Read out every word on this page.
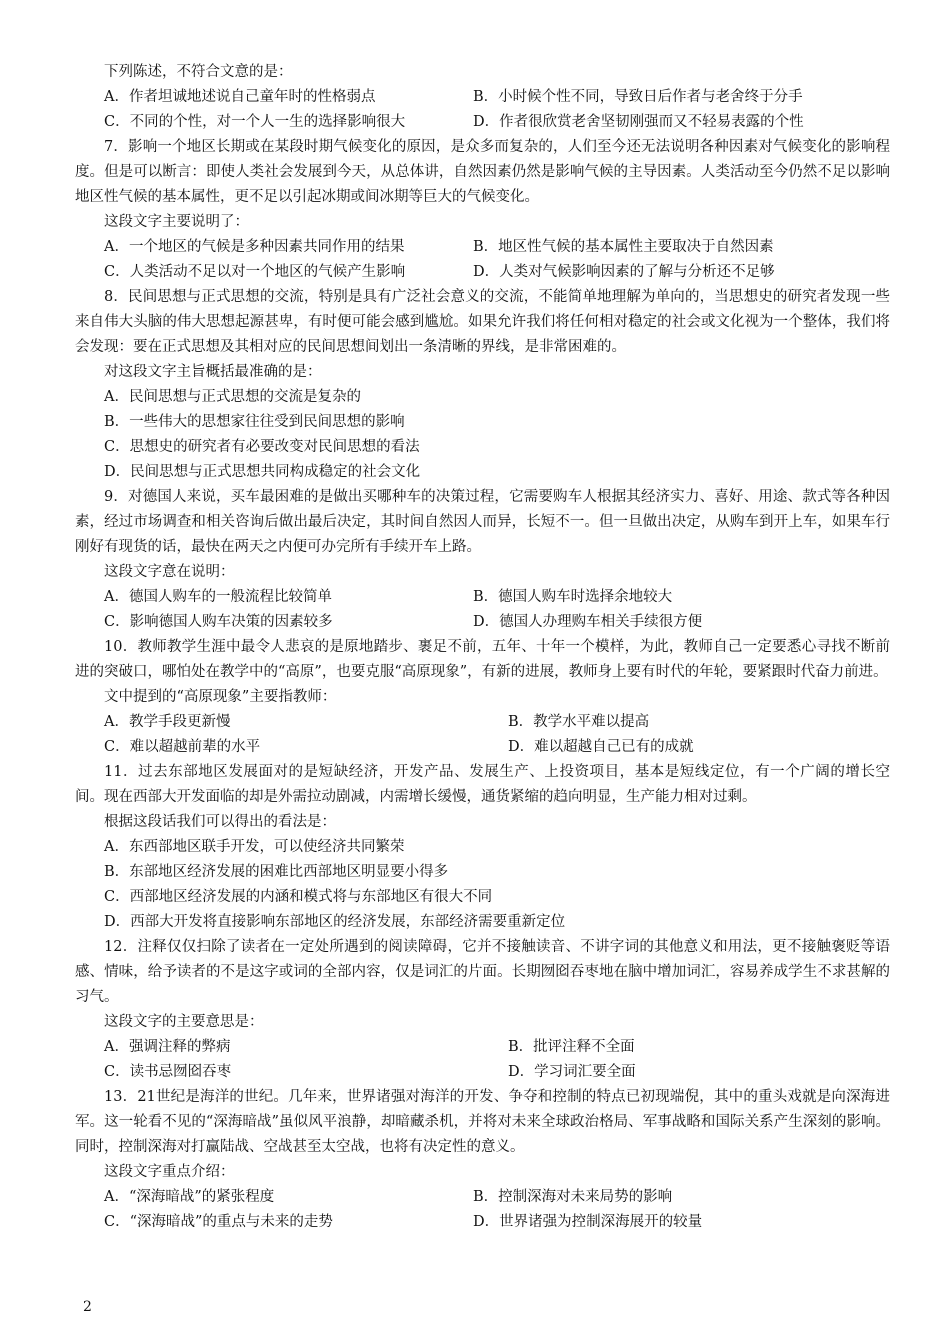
下列陈述，不符合文意的是：
A．作者坦诚地述说自己童年时的性格弱点	B．小时候个性不同，导致日后作者与老舍终于分手
C．不同的个性，对一个人一生的选择影响很大	D．作者很欣赏老舍坚韧刚强而又不轻易表露的个性
7．影响一个地区长期或在某段时期气候变化的原因，是众多而复杂的，人们至今还无法说明各种因素对气候变化的影响程度。但是可以断言：即使人类社会发展到今天，从总体讲，自然因素仍然是影响气候的主导因素。人类活动至今仍然不足以影响地区性气候的基本属性，更不足以引起冰期或间冰期等巨大的气候变化。
这段文字主要说明了：
A．一个地区的气候是多种因素共同作用的结果	B．地区性气候的基本属性主要取决于自然因素
C．人类活动不足以对一个地区的气候产生影响	D．人类对气候影响因素的了解与分析还不足够
8．民间思想与正式思想的交流，特别是具有广泛社会意义的交流，不能简单地理解为单向的，当思想史的研究者发现一些来自伟大头脑的伟大思想起源甚卑，有时便可能会感到尴尬。如果允许我们将任何相对稳定的社会或文化视为一个整体，我们将会发现：要在正式思想及其相对应的民间思想间划出一条清晰的界线，是非常困难的。
对这段文字主旨概括最准确的是：
A．民间思想与正式思想的交流是复杂的
B．一些伟大的思想家往往受到民间思想的影响
C．思想史的研究者有必要改变对民间思想的看法
D．民间思想与正式思想共同构成稳定的社会文化
9．对德国人来说，买车最困难的是做出买哪种车的决策过程，它需要购车人根据其经济实力、喜好、用途、款式等各种因素，经过市场调查和相关咨询后做出最后决定，其时间自然因人而异，长短不一。但一旦做出决定，从购车到开上车，如果车行刚好有现货的话，最快在两天之内便可办完所有手续开车上路。
这段文字意在说明：
A．德国人购车的一般流程比较简单	B．德国人购车时选择余地较大
C．影响德国人购车决策的因素较多	D．德国人办理购车相关手续很方便
10．教师教学生涯中最令人悲哀的是原地踏步、裹足不前，五年、十年一个模样，为此，教师自己一定要悉心寻找不断前进的突破口，哪怕处在教学中的“高原”，也要克服“高原现象”，有新的进展，教师身上要有时代的年轮，要紧跟时代奋力前进。
文中提到的“高原现象”主要指教师：
A．教学手段更新慢	B．教学水平难以提高
C．难以超越前辈的水平	D．难以超越自己已有的成就
11．过去东部地区发展面对的是短缺经济，开发产品、发展生产、上投资项目，基本是短线定位，有一个广阔的增长空间。现在西部大开发面临的却是外需拉动剧减，内需增长缓慢，通货紧缩的趋向明显，生产能力相对过剩。
根据这段话我们可以得出的看法是：
A．东西部地区联手开发，可以使经济共同繁荣
B．东部地区经济发展的困难比西部地区明显要小得多
C．西部地区经济发展的内涵和模式将与东部地区有很大不同
D．西部大开发将直接影响东部地区的经济发展，东部经济需要重新定位
12．注释仅仅扫除了读者在一定处所遇到的阅读障碍，它并不接触读音、不讲字词的其他意义和用法，更不接触褒贬等语感、情味，给予读者的不是这字或词的全部内容，仅是词汇的片面。长期囫囵吞枣地在脑中增加词汇，容易养成学生不求甚解的习气。
这段文字的主要意思是：
A．强调注释的弊病	B．批评注释不全面
C．读书忌囫囵吞枣	D．学习词汇要全面
13．21世纪是海洋的世纪。几年来，世界诸强对海洋的开发、争夺和控制的特点已初现端倪，其中的重头戏就是向深海进军。这一轮看不见的“深海暗战”虽似风平浪静，却暗藏杀机，并将对未来全球政治格局、军事战略和国际关系产生深刻的影响。同时，控制深海对打赢陆战、空战甚至太空战，也将有决定性的意义。
这段文字重点介绍：
A．“深海暗战”的紧张程度	B．控制深海对未来局势的影响
C．“深海暗战”的重点与未来的走势	D．世界诸强为控制深海展开的较量
2
